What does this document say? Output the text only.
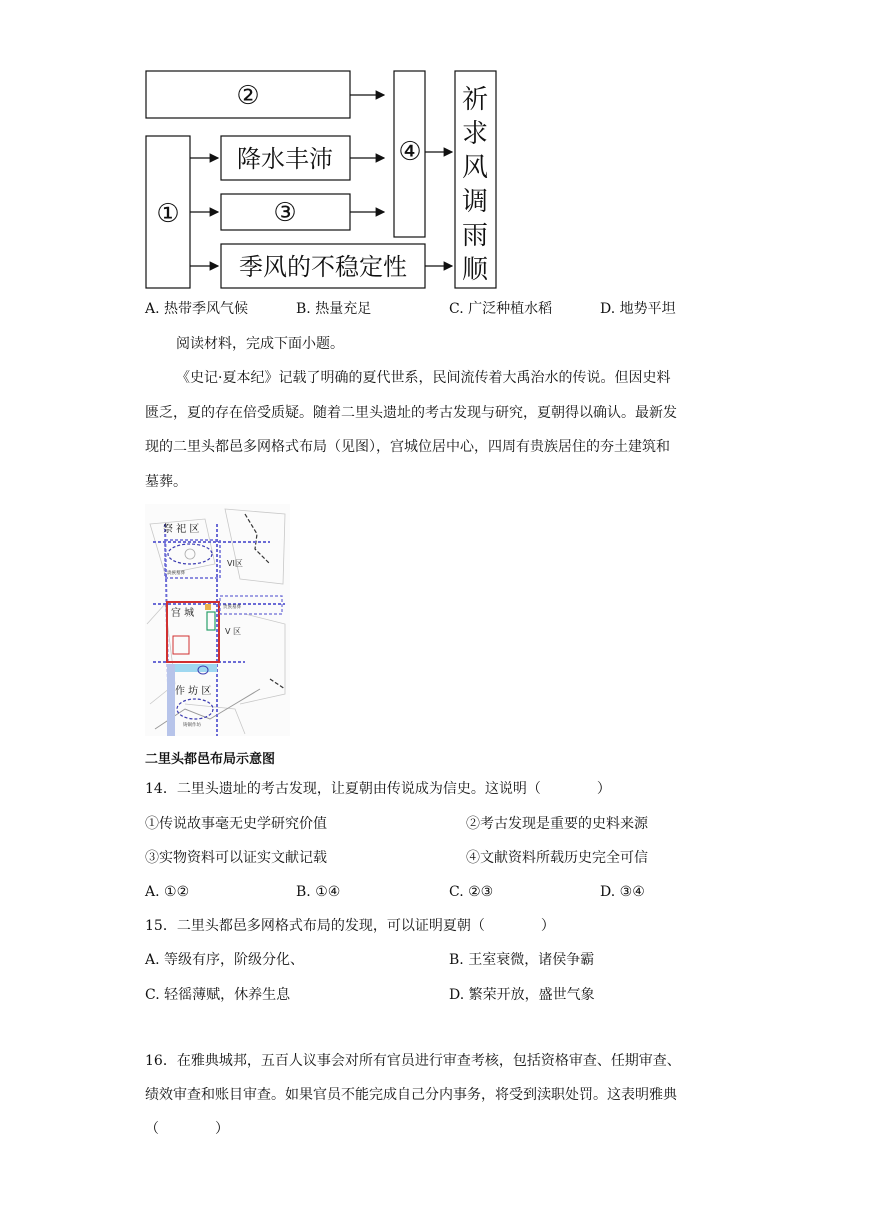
②
①
降水丰沛
③
季风的不稳定性
④
祈
求
风
调
雨
顺
A. 热带季风气候	B. 热量充足	C. 广泛种植水稻	D. 地势平坦
阅读材料，完成下面小题。
《史记·夏本纪》记载了明确的夏代世系，民间流传着大禹治水的传说。但因史料
匮乏，夏的存在倍受质疑。随着二里头遗址的考古发现与研究，夏朝得以确认。最新发
现的二里头都邑多网格式布局（见图），宫城位居中心，四周有贵族居住的夯土建筑和
墓葬。
祭 祀 区
VI区
贵族墓葬
宫 城
贵族墓葬
V 区
作 坊 区
铸铜作坊
二里头都邑布局示意图
14．二里头遗址的考古发现，让夏朝由传说成为信史。这说明（　　　　）
①传说故事毫无史学研究价值	②考古发现是重要的史料来源
③实物资料可以证实文献记载	④文献资料所载历史完全可信
A. ①②	B. ①④	C. ②③	D. ③④
15．二里头都邑多网格式布局的发现，可以证明夏朝（　　　　）
A. 等级有序，阶级分化、	B. 王室衰微，诸侯争霸
C. 轻徭薄赋，休养生息	D. 繁荣开放，盛世气象
16．在雅典城邦，五百人议事会对所有官员进行审查考核，包括资格审查、任期审查、
绩效审查和账目审查。如果官员不能完成自己分内事务，将受到渎职处罚。这表明雅典
（　　　　）
